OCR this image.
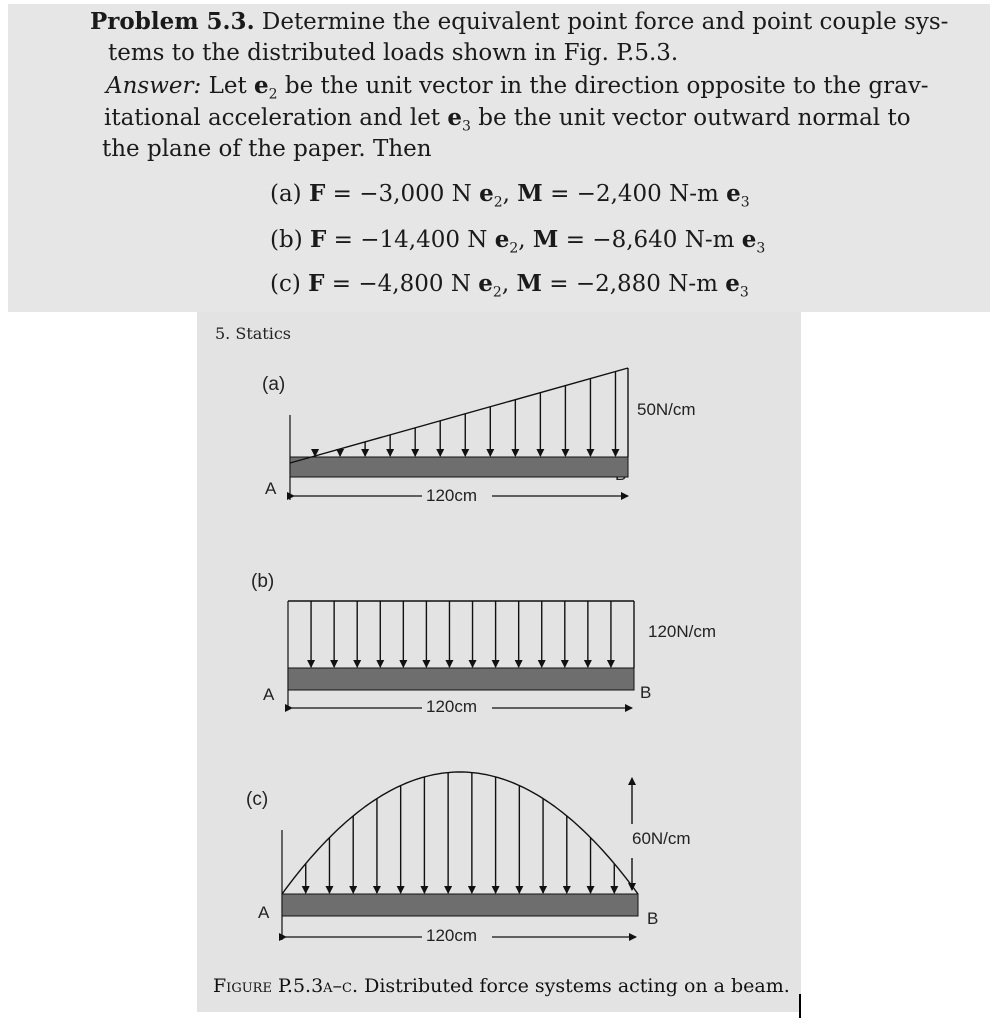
Problem 5.3. Determine the equivalent point force and point couple sys-
tems to the distributed loads shown in Fig. P.5.3.
Answer: Let $e_2$ be the unit vector in the direction opposite to the grav-
itational acceleration and let $e_3$ be the unit vector outward normal to
the plane of the paper. Then
(a) F = −3,000 N $e_2$, M = −2,400 N-m $e_3$
(b) F = −14,400 N $e_2$, M = −8,640 N-m $e_3$
(c) F = −4,800 N $e_2$, M = −2,880 N-m $e_3$
5. Statics
(a)
50N/cm
A	120cm
(b)
120N/cm
A	B
120cm
(c)
60N/cm
A	B
120cm
Figure P.5.3a–c. Distributed force systems acting on a beam.
